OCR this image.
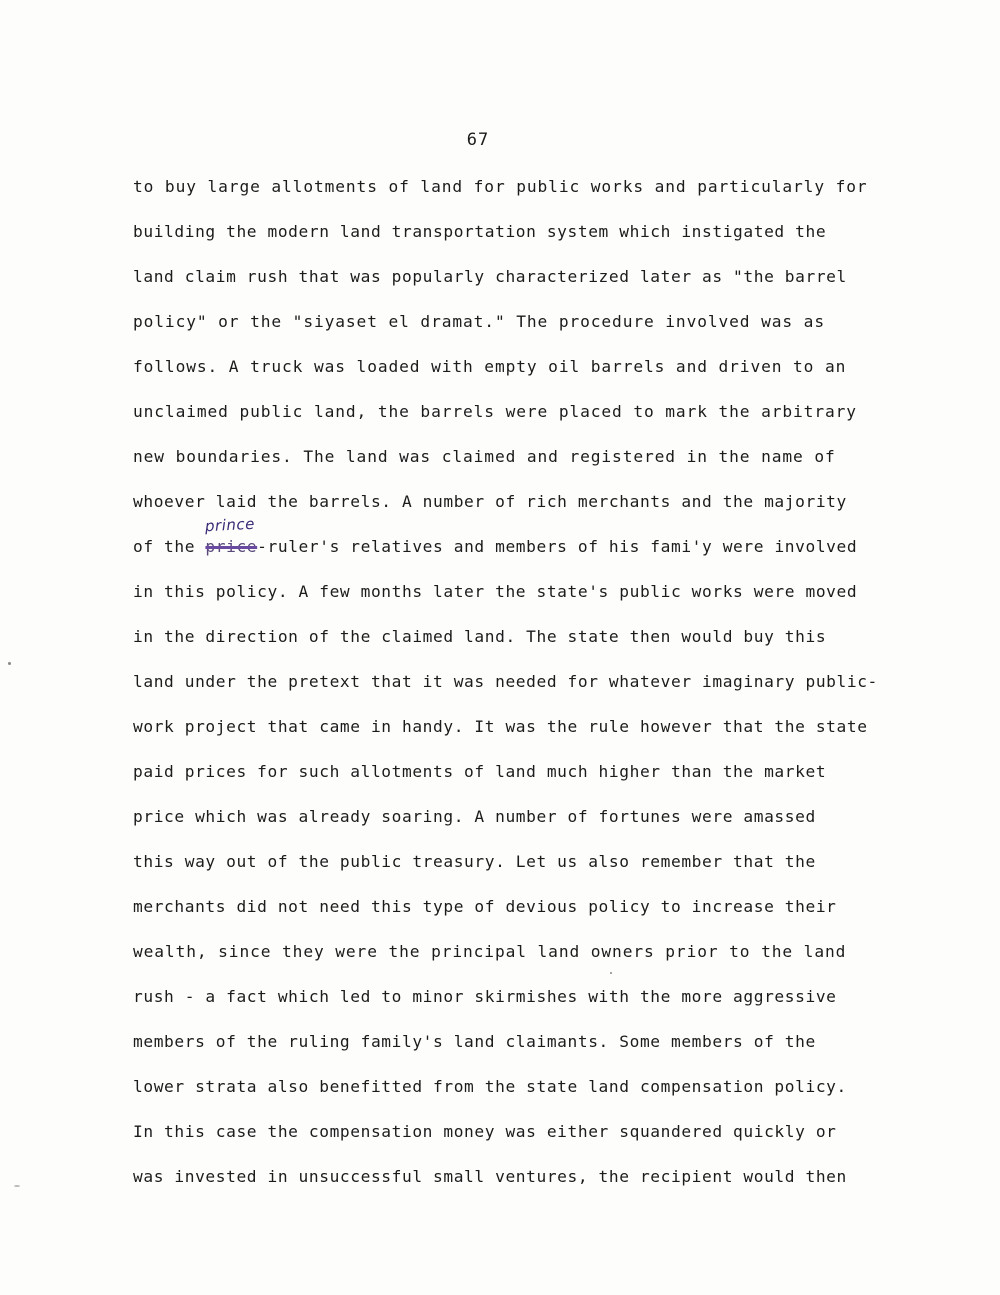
67
to buy large allotments of land for public works and particularly for
building the modern land transportation system which instigated the
land claim rush that was popularly characterized later as "the barrel
policy" or the "siyaset el dramat." The procedure involved was as
follows. A truck was loaded with empty oil barrels and driven to an
unclaimed public land, the barrels were placed to mark the arbitrary
new boundaries. The land was claimed and registered in the name of
whoever laid the barrels. A number of rich merchants and the majority
of the
prince
price-ruler's relatives and members of his fami'y were involved
in this policy. A few months later the state's public works were moved
in the direction of the claimed land. The state then would buy this
land under the pretext that it was needed for whatever imaginary public-
work project that came in handy. It was the rule however that the state
paid prices for such allotments of land much higher than the market
price which was already soaring. A number of fortunes were amassed
this way out of the public treasury. Let us also remember that the
merchants did not need this type of devious policy to increase their
wealth, since they were the principal land owners prior to the land
rush - a fact which led to minor skirmishes with the more aggressive
members of the ruling family's land claimants. Some members of the
lower strata also benefitted from the state land compensation policy.
In this case the compensation money was either squandered quickly or
was invested in unsuccessful small ventures, the recipient would then
